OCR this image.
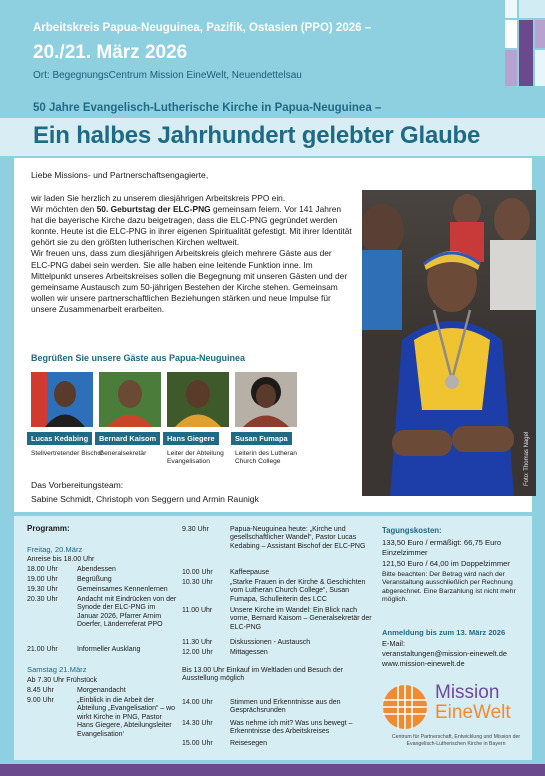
Arbeitskreis Papua-Neuguinea, Pazifik, Ostasien (PPO) 2026 –
20./21. März 2026
Ort: BegegnungsCentrum Mission EineWelt, Neuendettelsau
50 Jahre Evangelisch-Lutherische Kirche in Papua-Neuguinea –
Ein halbes Jahrhundert gelebter Glaube
Liebe Missions- und Partnerschaftsengagierte,

wir laden Sie herzlich zu unserem diesjährigen Arbeitskreis PPO ein.

Wir möchten den 50. Geburtstag der ELC-PNG gemeinsam feiern. Vor 141 Jahren hat die bayerische Kirche dazu beigetragen, dass die ELC-PNG gegründet werden konnte. Heute ist die ELC-PNG in ihrer eigenen Spiritualität gefestigt. Mit ihrer Identität gehört sie zu den größten lutherischen Kirchen weltweit.

Wir freuen uns, dass zum diesjährigen Arbeitskreis gleich mehrere Gäste aus der ELC-PNG dabei sein werden. Sie alle haben eine leitende Funktion inne. Im Mittelpunkt unseres Arbeitskreises sollen die Begegnung mit unseren Gästen und der gemeinsame Austausch zum 50-jährigen Bestehen der Kirche stehen. Gemeinsam wollen wir unsere partnerschaftlichen Beziehungen stärken und neue Impulse für unsere Zusammenarbeit erarbeiten.

Foto: Thomas Nagel
Begrüßen Sie unsere Gäste aus Papua-Neuguinea
Lucas Kedabing
Stellvertretender Bischof
Bernard Kaisom
Generalsekretär
Hans Giegere
Leiter der Abteilung Evangelisation
Susan Fumapa
Leiterin des Lutheran Church College
Das Vorbereitungsteam:
Sabine Schmidt, Christoph von Seggern und Armin Raunigk
Programm:
Freitag, 20.März
Anreise bis 18.00 Uhr
18.00 Uhr	Abendessen
19.00 Uhr	Begrüßung
19.30 Uhr	Gemeinsames Kennenlernen
20.30 Uhr	Andacht mit Eindrücken von der Synode der ELC-PNG im Januar 2026, Pfarrer Arnim Doerfer, Länderreferat PPO
21.00 Uhr	Informeller Ausklang
Samstag 21.März
Ab 7.30 Uhr Frühstück
8.45 Uhr	Morgenandacht
9.00 Uhr	„Einblick in die Arbeit der Abteilung „Evangelisation“ – wo wirkt Kirche in PNG, Pastor Hans Giegere, Abteilungsleiter Evangelisation‘
9.30 Uhr	Papua-Neuguinea heute: „Kirche und gesellschaftlicher Wandel“, Pastor Lucas Kedabing – Assistant Bischof der ELC-PNG
10.00 Uhr Kaffeepause
10.30 Uhr „Starke Frauen in der Kirche & Geschichten vom Lutheran Church College“, Susan Fumapa, Schulleiterin des LCC
11.00 Uhr	Unsere Kirche im Wandel: Ein Blick nach vorne, Bernard Kaisom – Generalsekretär der ELC-PNG
11.30 Uhr	Diskussionen - Austausch
12.00 Uhr Mittagessen
Bis 13.00 Uhr Einkauf im Weltladen und Besuch der Ausstellung möglich
14.00 Uhr Stimmen und Erkenntnisse aus den Gesprächsrunden
14.30 Uhr Was nehme ich mit? Was uns bewegt – Erkenntnisse des Arbeitskreises
15.00 Uhr Reisesegen
Tagungskosten:
133,50 Euro / ermäßigt: 66,75 Euro
Einzelzimmer
121,50 Euro / 64,00 im Doppelzimmer
Bitte beachten: Der Betrag wird nach der Veranstaltung ausschließlich per Rechnung abgerechnet. Eine Barzahlung ist nicht mehr möglich.
Anmeldung bis zum 13. März 2026
E-Mail:
veranstaltungen@mission-einewelt.de
www.mission-einewelt.de
Mission
EineWelt
Centrum für Partnerschaft, Entwicklung und Mission der Evangelisch-Lutherischen Kirche in Bayern
